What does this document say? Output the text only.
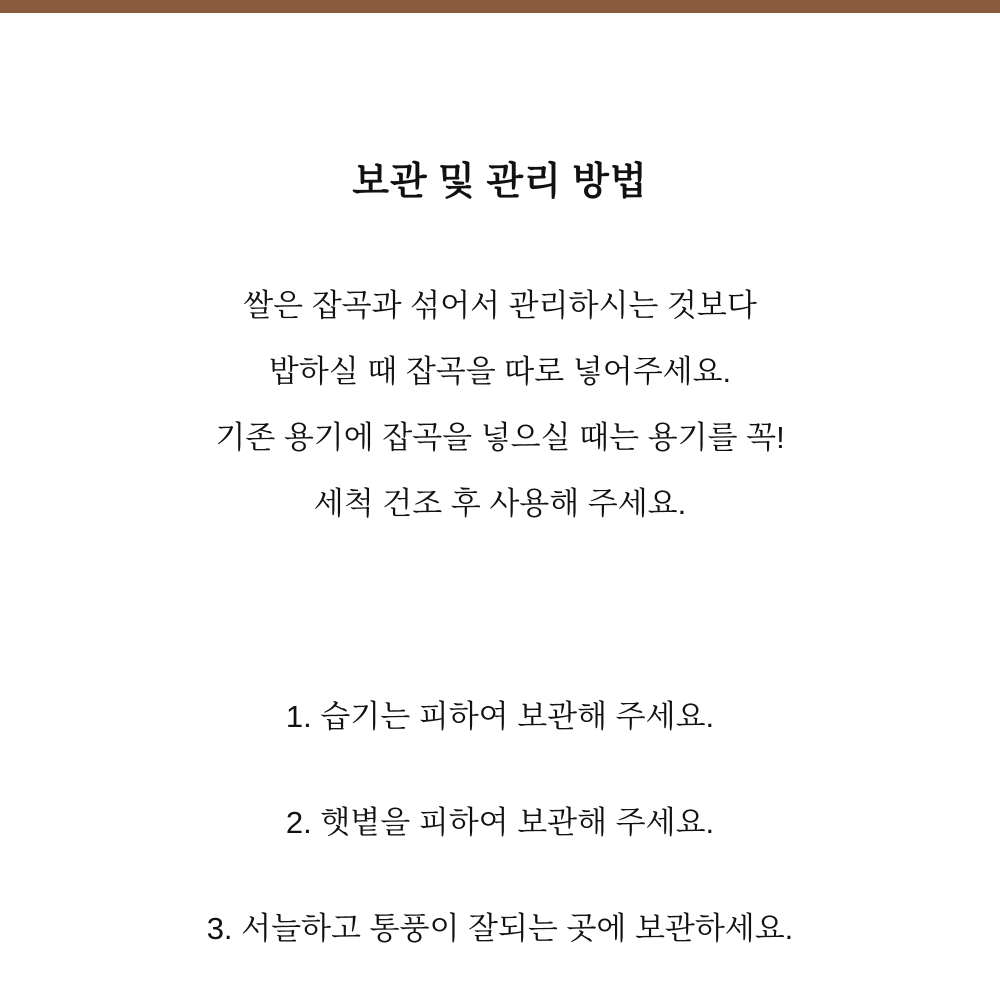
보관 및 관리 방법

쌀은 잡곡과 섞어서 관리하시는 것보다

밥하실 때 잡곡을 따로 넣어주세요.

기존 용기에 잡곡을 넣으실 때는 용기를 꼭!

세척 건조 후 사용해 주세요.

1. 습기는 피하여 보관해 주세요.

2. 햇볕을 피하여 보관해 주세요.

3. 서늘하고 통풍이 잘되는 곳에 보관하세요.
